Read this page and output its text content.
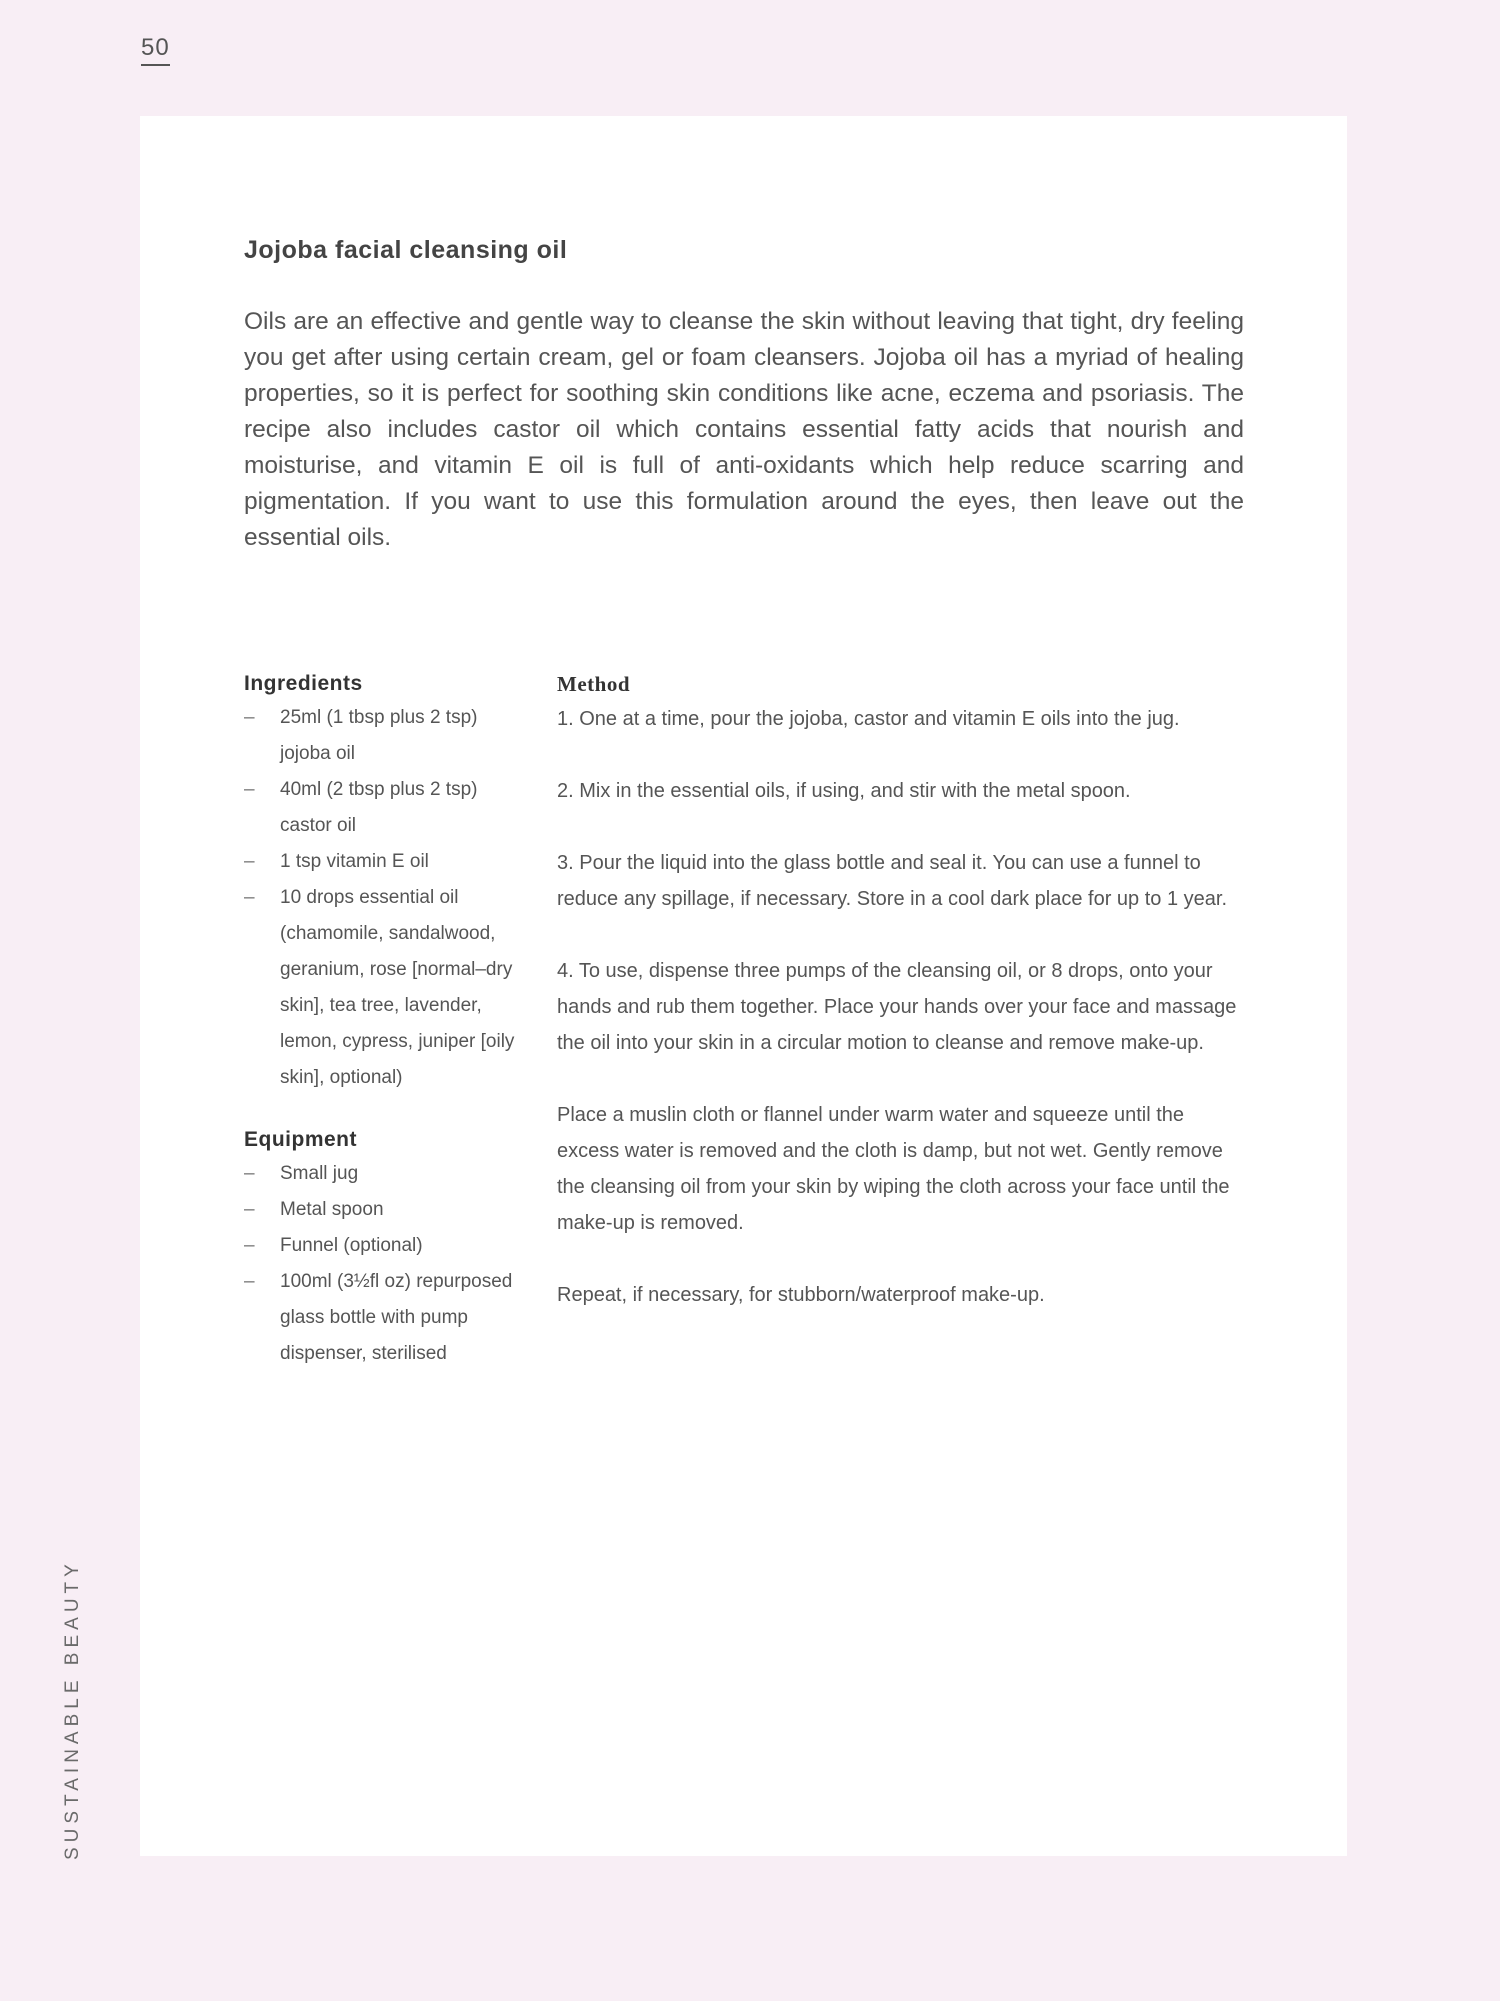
50
SUSTAINABLE BEAUTY
Jojoba facial cleansing oil

Oils are an effective and gentle way to cleanse the skin without leaving that tight, dry feeling you get after using certain cream, gel or foam cleansers. Jojoba oil has a myriad of healing properties, so it is perfect for soothing skin conditions like acne, eczema and psoriasis. The recipe also includes castor oil which contains essential fatty acids that nourish and moisturise, and vitamin E oil is full of anti-oxidants which help reduce scarring and pigmentation. If you want to use this formulation around the eyes, then leave out the essential oils.

Ingredients
– 25ml (1 tbsp plus 2 tsp) jojoba oil
– 40ml (2 tbsp plus 2 tsp) castor oil
– 1 tsp vitamin E oil
– 10 drops essential oil (chamomile, sandalwood, geranium, rose [normal–dry skin], tea tree, lavender, lemon, cypress, juniper [oily skin], optional)
Equipment
– Small jug
– Metal spoon
– Funnel (optional)
– 100ml (3½fl oz) repurposed glass bottle with pump dispenser, sterilised
Method

1. One at a time, pour the jojoba, castor and vitamin E oils into the jug.

2. Mix in the essential oils, if using, and stir with the metal spoon.

3. Pour the liquid into the glass bottle and seal it. You can use a funnel to reduce any spillage, if necessary. Store in a cool dark place for up to 1 year.

4. To use, dispense three pumps of the cleansing oil, or 8 drops, onto your hands and rub them together. Place your hands over your face and massage the oil into your skin in a circular motion to cleanse and remove make-up.

Place a muslin cloth or flannel under warm water and squeeze until the excess water is removed and the cloth is damp, but not wet. Gently remove the cleansing oil from your skin by wiping the cloth across your face until the make-up is removed.

Repeat, if necessary, for stubborn/waterproof make-up.
